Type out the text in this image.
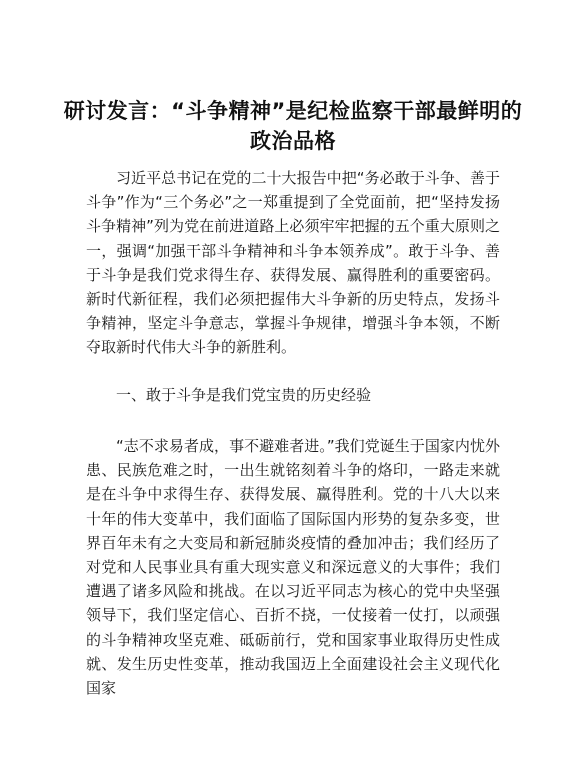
研讨发言：“斗争精神”是纪检监察干部最鲜明的政治品格

习近平总书记在党的二十大报告中把“务必敢于斗争、善于斗争”作为“三个务必”之一郑重提到了全党面前，把“坚持发扬斗争精神”列为党在前进道路上必须牢牢把握的五个重大原则之一，强调“加强干部斗争精神和斗争本领养成”。敢于斗争、善于斗争是我们党求得生存、获得发展、赢得胜利的重要密码。新时代新征程，我们必须把握伟大斗争新的历史特点，发扬斗争精神，坚定斗争意志，掌握斗争规律，增强斗争本领，不断夺取新时代伟大斗争的新胜利。

一、敢于斗争是我们党宝贵的历史经验

“志不求易者成，事不避难者进。”我们党诞生于国家内忧外患、民族危难之时，一出生就铭刻着斗争的烙印，一路走来就是在斗争中求得生存、获得发展、赢得胜利。党的十八大以来十年的伟大变革中，我们面临了国际国内形势的复杂多变，世界百年未有之大变局和新冠肺炎疫情的叠加冲击；我们经历了对党和人民事业具有重大现实意义和深远意义的大事件；我们遭遇了诸多风险和挑战。在以习近平同志为核心的党中央坚强领导下，我们坚定信心、百折不挠，一仗接着一仗打，以顽强的斗争精神攻坚克难、砥砺前行，党和国家事业取得历史性成就、发生历史性变革，推动我国迈上全面建设社会主义现代化国家
